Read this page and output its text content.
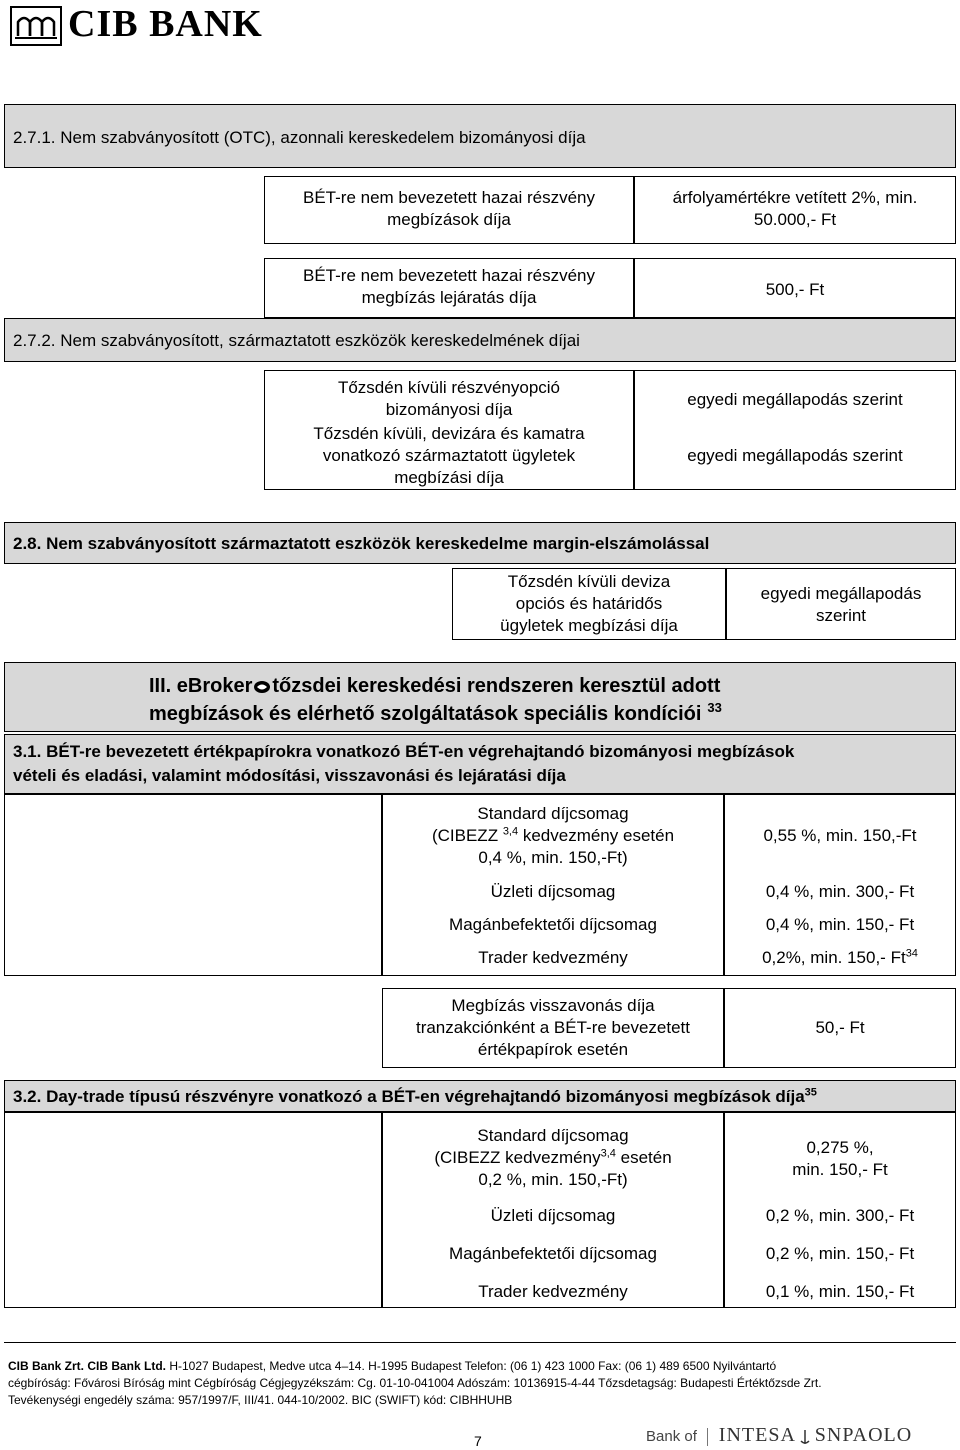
CIB BANK
2.7.1. Nem szabványosított (OTC), azonnali kereskedelem bizományosi díja
BÉT-re nem bevezetett hazai részvény
megbízások díja
árfolyamértékre vetített 2%, min.
50.000,- Ft
BÉT-re nem bevezetett hazai részvény
megbízás lejáratás díja	500,- Ft
2.7.2. Nem szabványosított, származtatott eszközök kereskedelmének díjai
Tőzsdén kívüli részvényopció
bizományosi díja
Tőzsdén kívüli, devizára és kamatra
vonatkozó származtatott ügyletek
megbízási díja
egyedi megállapodás szerint
egyedi megállapodás szerint
2.8. Nem szabványosított származtatott eszközök kereskedelme margin-elszámolással
Tőzsdén kívüli deviza
opciós és határidős
ügyletek megbízási díja
egyedi megállapodás
szerint
III. eBroker tőzsdei kereskedési rendszeren keresztül adott
megbízások és elérhető szolgáltatások speciális kondíciói $^{33}$
3.1. BÉT-re bevezetett értékpapírokra vonatkozó BÉT-en végrehajtandó bizományosi megbízások
vételi és eladási, valamint módosítási, visszavonási és lejáratási díja
Standard díjcsomag
(CIBEZZ $^{3,4}$ kedvezmény esetén
0,4 %, min. 150,-Ft)
Üzleti díjcsomag
Magánbefektetői díjcsomag
Trader kedvezmény
0,55 %, min. 150,-Ft
0,4 %, min. 300,- Ft
0,4 %, min. 150,- Ft
0,2%, min. 150,- Ft$^{34}$
Megbízás visszavonás díja
tranzakciónként a BÉT-re bevezetett
értékpapírok esetén
50,- Ft
3.2. Day-trade típusú részvényre vonatkozó a BÉT-en végrehajtandó bizományosi megbízások díja$^{35}$
Standard díjcsomag
(CIBEZZ kedvezmény$^{3,4}$ esetén
0,2 %, min. 150,-Ft)
Üzleti díjcsomag
Magánbefektetői díjcsomag
Trader kedvezmény
0,275 %,
min. 150,- Ft
0,2 %, min. 300,- Ft
0,2 %, min. 150,- Ft
0,1 %, min. 150,- Ft
CIB Bank Zrt. CIB Bank Ltd. H-1027 Budapest, Medve utca 4–14. H-1995 Budapest Telefon: (06 1) 423 1000 Fax: (06 1) 489 6500 Nyilvántartó
cégbíróság: Fővárosi Bíróság mint Cégbíróság Cégjegyzékszám: Cg. 01-10-041004 Adószám: 10136915-4-44 Tőzsdetagság: Budapesti Értéktőzsde Zrt.
Tevékenységi engedély száma: 957/1997/F, III/41. 044-10/2002. BIC (SWIFT) kód: CIBHHUHB
7	Bank of INTESA SNPAOLO
